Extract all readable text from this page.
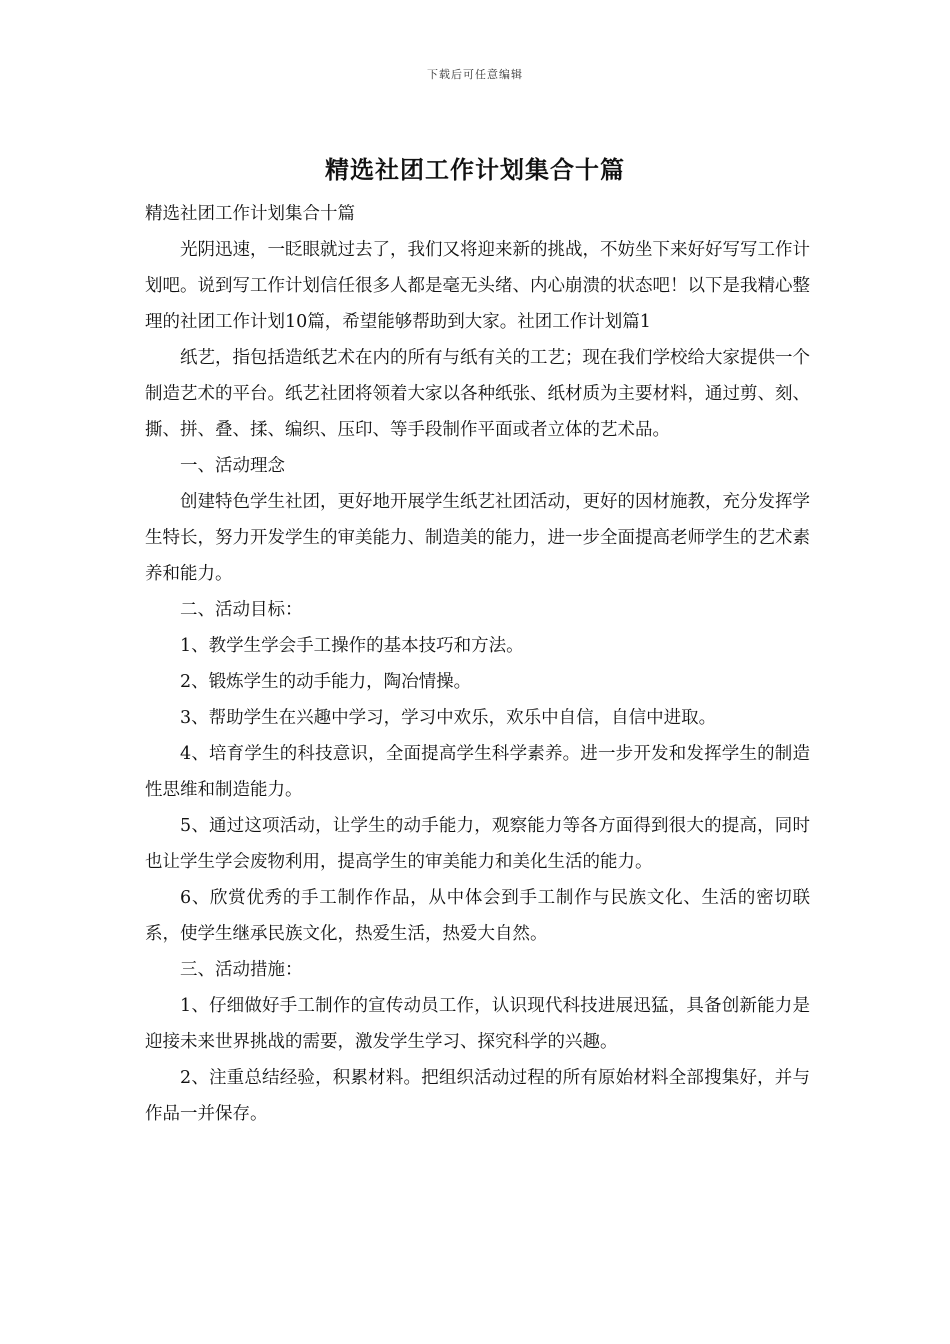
下载后可任意编辑
精选社团工作计划集合十篇

精选社团工作计划集合十篇

光阴迅速，一眨眼就过去了，我们又将迎来新的挑战，不妨坐下来好好写写工作计划吧。说到写工作计划信任很多人都是毫无头绪、内心崩溃的状态吧！以下是我精心整理的社团工作计划10篇，希望能够帮助到大家。社团工作计划篇1

纸艺，指包括造纸艺术在内的所有与纸有关的工艺；现在我们学校给大家提供一个制造艺术的平台。纸艺社团将领着大家以各种纸张、纸材质为主要材料，通过剪、刻、撕、拼、叠、揉、编织、压印、等手段制作平面或者立体的艺术品。

一、活动理念

创建特色学生社团，更好地开展学生纸艺社团活动，更好的因材施教，充分发挥学生特长，努力开发学生的审美能力、制造美的能力，进一步全面提高老师学生的艺术素养和能力。

二、活动目标：

1、教学生学会手工操作的基本技巧和方法。

2、锻炼学生的动手能力，陶冶情操。

3、帮助学生在兴趣中学习，学习中欢乐，欢乐中自信，自信中进取。

4、培育学生的科技意识，全面提高学生科学素养。进一步开发和发挥学生的制造性思维和制造能力。

5、通过这项活动，让学生的动手能力，观察能力等各方面得到很大的提高，同时也让学生学会废物利用，提高学生的审美能力和美化生活的能力。

6、欣赏优秀的手工制作作品，从中体会到手工制作与民族文化、生活的密切联系，使学生继承民族文化，热爱生活，热爱大自然。

三、活动措施：

1、仔细做好手工制作的宣传动员工作，认识现代科技进展迅猛，具备创新能力是迎接未来世界挑战的需要，激发学生学习、探究科学的兴趣。

2、注重总结经验，积累材料。把组织活动过程的所有原始材料全部搜集好，并与作品一并保存。
